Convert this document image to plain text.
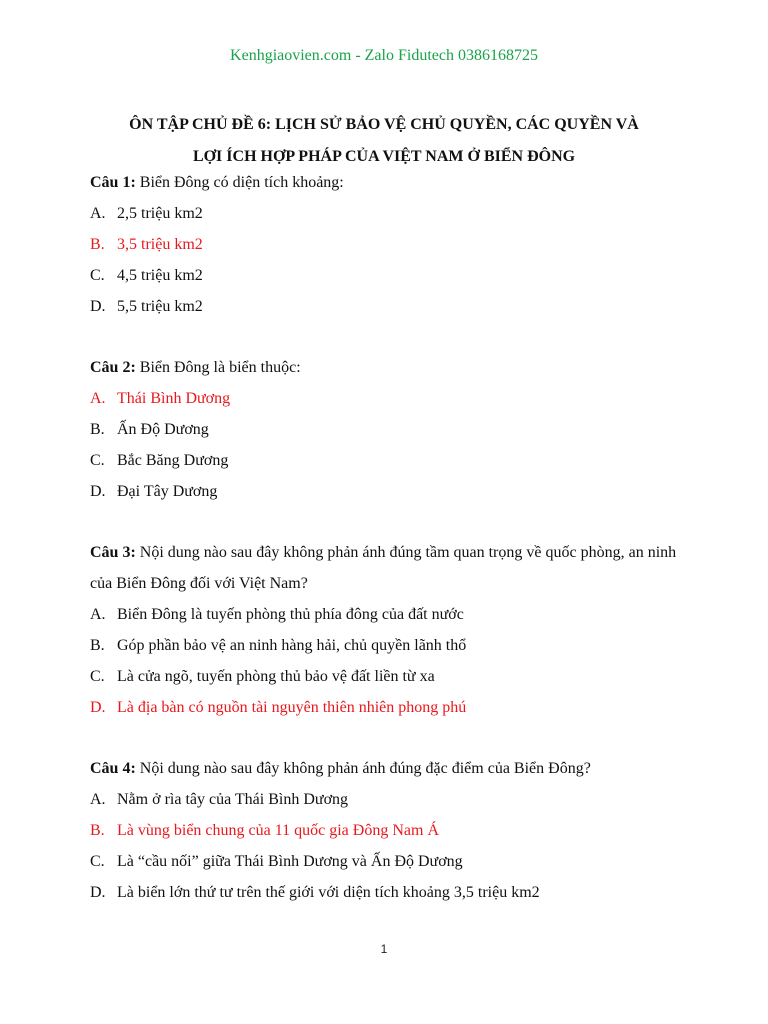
Kenhgiaovien.com - Zalo Fidutech 0386168725
ÔN TẬP CHỦ ĐỀ 6: LỊCH SỬ BẢO VỆ CHỦ QUYỀN, CÁC QUYỀN VÀ
LỢI ÍCH HỢP PHÁP CỦA VIỆT NAM Ở BIỂN ĐÔNG
Câu 1: Biển Đông có diện tích khoảng:
A. 2,5 triệu km2
B. 3,5 triệu km2
C. 4,5 triệu km2
D. 5,5 triệu km2
Câu 2: Biển Đông là biển thuộc:
A. Thái Bình Dương
B. Ấn Độ Dương
C. Bắc Băng Dương
D. Đại Tây Dương
Câu 3: Nội dung nào sau đây không phản ánh đúng tầm quan trọng về quốc phòng, an ninh của Biển Đông đối với Việt Nam?
A. Biển Đông là tuyến phòng thủ phía đông của đất nước
B. Góp phần bảo vệ an ninh hàng hải, chủ quyền lãnh thổ
C. Là cửa ngõ, tuyến phòng thủ bảo vệ đất liền từ xa
D. Là địa bàn có nguồn tài nguyên thiên nhiên phong phú
Câu 4: Nội dung nào sau đây không phản ánh đúng đặc điểm của Biển Đông?
A. Nằm ở rìa tây của Thái Bình Dương
B. Là vùng biển chung của 11 quốc gia Đông Nam Á
C. Là “cầu nối” giữa Thái Bình Dương và Ấn Độ Dương
D. Là biển lớn thứ tư trên thế giới với diện tích khoảng 3,5 triệu km2
1
